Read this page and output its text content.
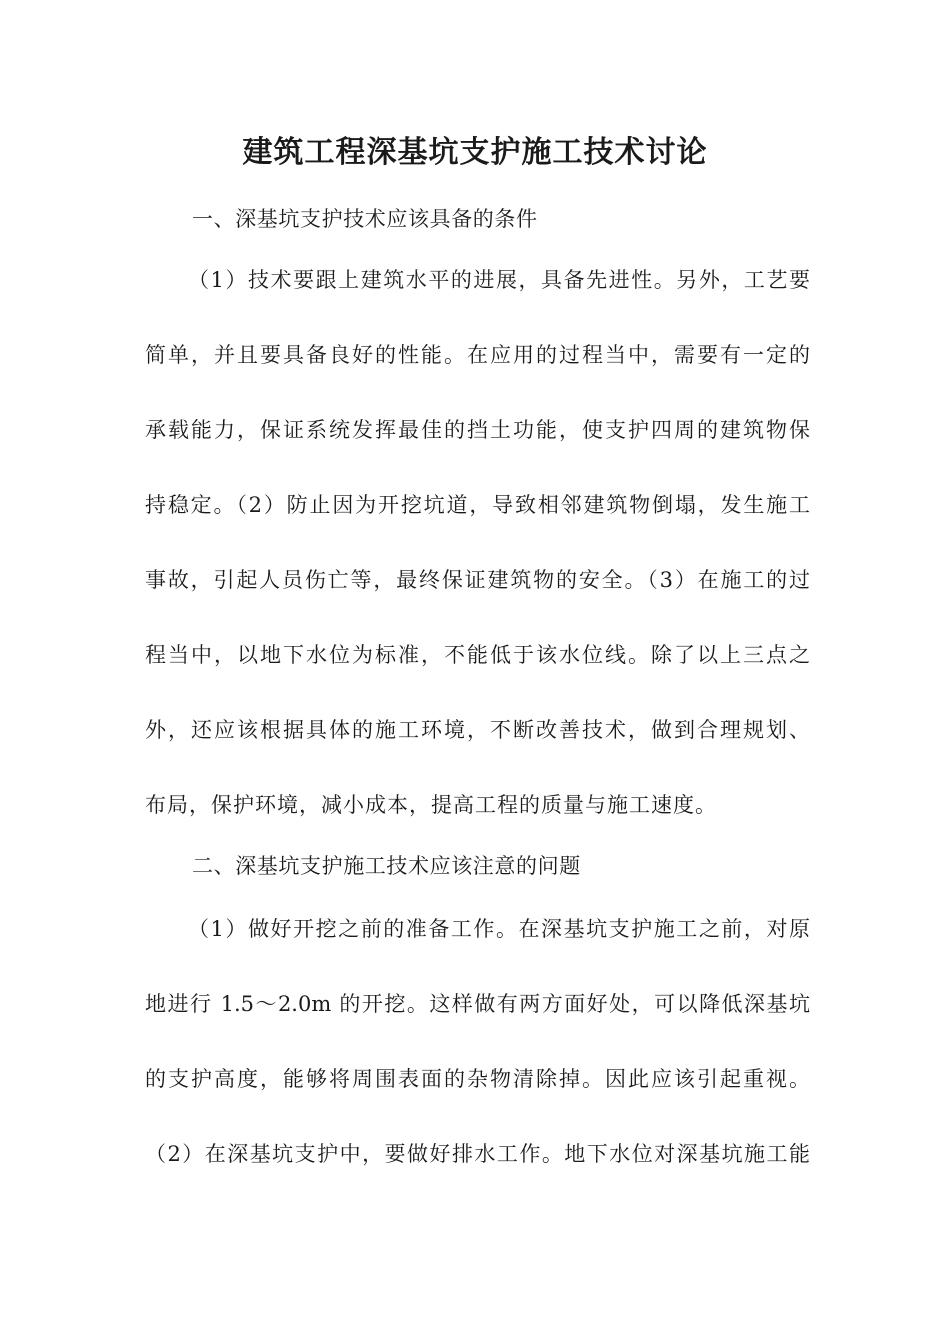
建筑工程深基坑支护施工技术讨论
一、深基坑支护技术应该具备的条件
（1）技术要跟上建筑水平的进展，具备先进性。另外，工艺要
简单，并且要具备良好的性能。在应用的过程当中，需要有一定的
承载能力，保证系统发挥最佳的挡土功能，使支护四周的建筑物保
持稳定。（2）防止因为开挖坑道，导致相邻建筑物倒塌，发生施工
事故，引起人员伤亡等，最终保证建筑物的安全。（3）在施工的过
程当中，以地下水位为标准，不能低于该水位线。除了以上三点之
外，还应该根据具体的施工环境，不断改善技术，做到合理规划、
布局，保护环境，减小成本，提高工程的质量与施工速度。
二、深基坑支护施工技术应该注意的问题
（1）做好开挖之前的准备工作。在深基坑支护施工之前，对原
地进行 1.5～2.0m 的开挖。这样做有两方面好处，可以降低深基坑
的支护高度，能够将周围表面的杂物清除掉。因此应该引起重视。
（2）在深基坑支护中，要做好排水工作。地下水位对深基坑施工能
